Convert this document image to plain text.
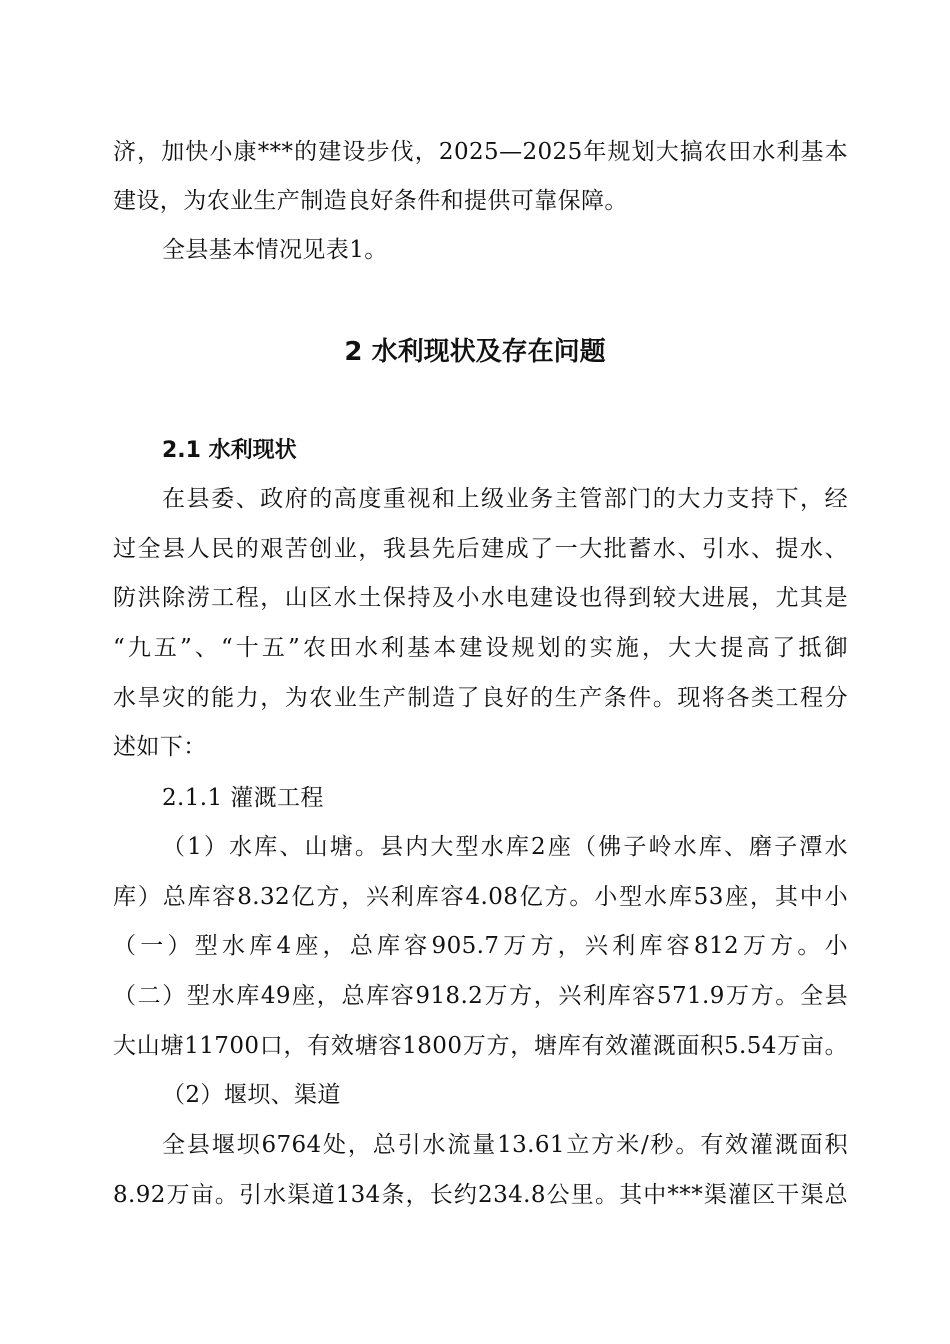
济，加快小康***的建设步伐，2025—2025年规划大搞农田水利基本
建设，为农业生产制造良好条件和提供可靠保障。
全县基本情况见表1。
2 水利现状及存在问题
2.1 水利现状
在县委、政府的高度重视和上级业务主管部门的大力支持下，经
过全县人民的艰苦创业，我县先后建成了一大批蓄水、引水、提水、
防洪除涝工程，山区水土保持及小水电建设也得到较大进展，尤其是
“九五”、“十五”农田水利基本建设规划的实施，大大提高了抵御
水旱灾的能力，为农业生产制造了良好的生产条件。现将各类工程分
述如下：
2.1.1 灌溉工程
（1）水库、山塘。县内大型水库2座（佛子岭水库、磨子潭水
库）总库容8.32亿方，兴利库容4.08亿方。小型水库53座，其中小
（一）型水库4座，总库容905.7万方，兴利库容812万方。小
（二）型水库49座，总库容918.2万方，兴利库容571.9万方。全县
大山塘11700口，有效塘容1800万方，塘库有效灌溉面积5.54万亩。
（2）堰坝、渠道
全县堰坝6764处，总引水流量13.61立方米/秒。有效灌溉面积
8.92万亩。引水渠道134条，长约234.8公里。其中***渠灌区干渠总
